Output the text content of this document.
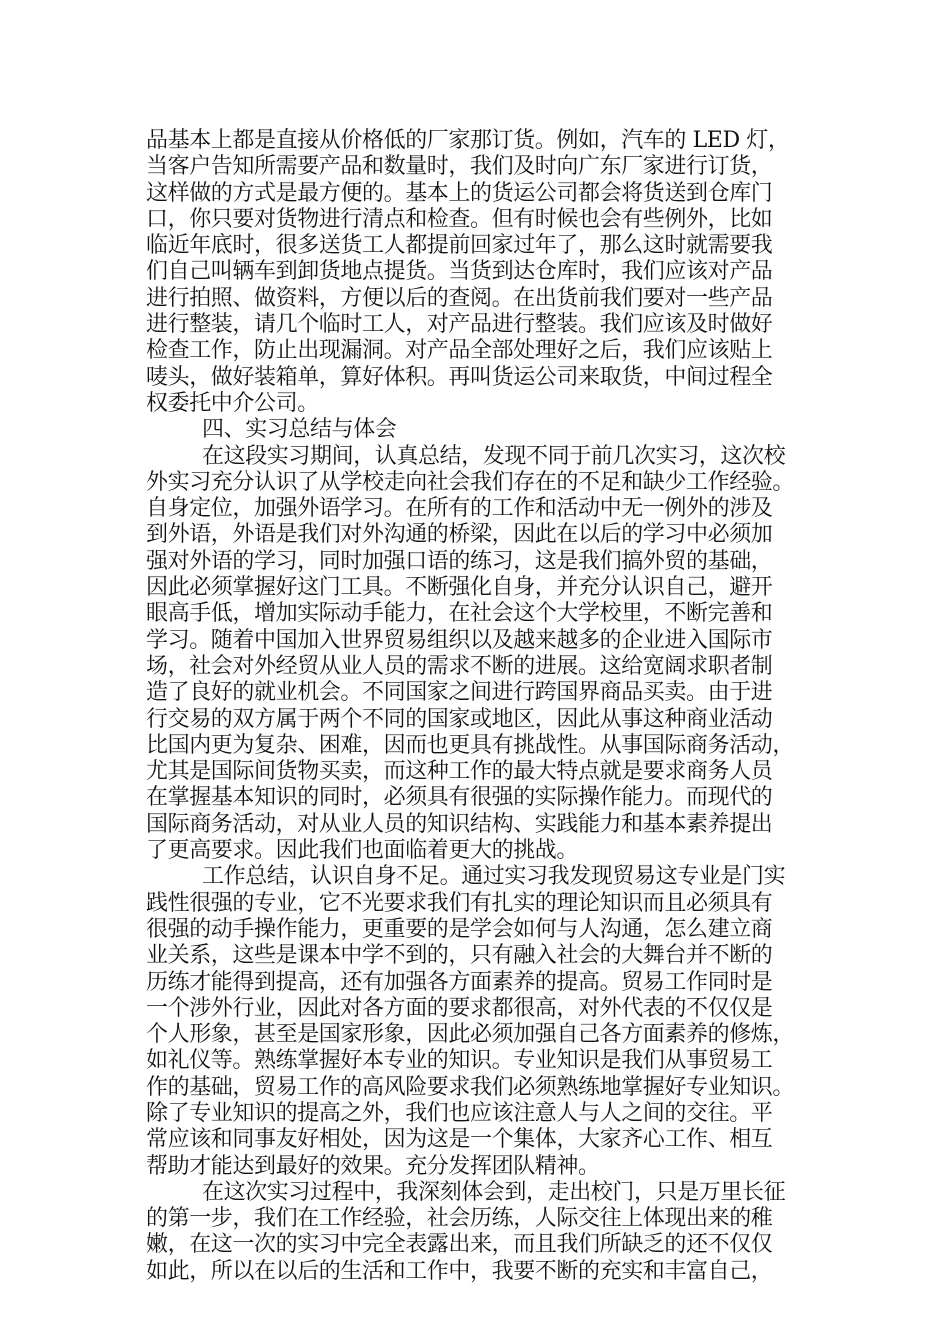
品基本上都是直接从价格低的厂家那订货。例如，汽车的 LED 灯，
当客户告知所需要产品和数量时，我们及时向广东厂家进行订货，
这样做的方式是最方便的。基本上的货运公司都会将货送到仓库门
口，你只要对货物进行清点和检查。但有时候也会有些例外，比如
临近年底时，很多送货工人都提前回家过年了，那么这时就需要我
们自己叫辆车到卸货地点提货。当货到达仓库时，我们应该对产品
进行拍照、做资料，方便以后的查阅。在出货前我们要对一些产品
进行整装，请几个临时工人，对产品进行整装。我们应该及时做好
检查工作，防止出现漏洞。对产品全部处理好之后，我们应该贴上
唛头，做好装箱单，算好体积。再叫货运公司来取货，中间过程全
权委托中介公司。
四、实习总结与体会
在这段实习期间，认真总结，发现不同于前几次实习，这次校
外实习充分认识了从学校走向社会我们存在的不足和缺少工作经验。
自身定位，加强外语学习。在所有的工作和活动中无一例外的涉及
到外语，外语是我们对外沟通的桥梁，因此在以后的学习中必须加
强对外语的学习，同时加强口语的练习，这是我们搞外贸的基础，
因此必须掌握好这门工具。不断强化自身，并充分认识自己，避开
眼高手低，增加实际动手能力，在社会这个大学校里，不断完善和
学习。随着中国加入世界贸易组织以及越来越多的企业进入国际市
场，社会对外经贸从业人员的需求不断的进展。这给宽阔求职者制
造了良好的就业机会。不同国家之间进行跨国界商品买卖。由于进
行交易的双方属于两个不同的国家或地区，因此从事这种商业活动
比国内更为复杂、困难，因而也更具有挑战性。从事国际商务活动，
尤其是国际间货物买卖，而这种工作的最大特点就是要求商务人员
在掌握基本知识的同时，必须具有很强的实际操作能力。而现代的
国际商务活动，对从业人员的知识结构、实践能力和基本素养提出
了更高要求。因此我们也面临着更大的挑战。
工作总结，认识自身不足。通过实习我发现贸易这专业是门实
践性很强的专业，它不光要求我们有扎实的理论知识而且必须具有
很强的动手操作能力，更重要的是学会如何与人沟通，怎么建立商
业关系，这些是课本中学不到的，只有融入社会的大舞台并不断的
历练才能得到提高，还有加强各方面素养的提高。贸易工作同时是
一个涉外行业，因此对各方面的要求都很高，对外代表的不仅仅是
个人形象，甚至是国家形象，因此必须加强自己各方面素养的修炼，
如礼仪等。熟练掌握好本专业的知识。专业知识是我们从事贸易工
作的基础，贸易工作的高风险要求我们必须熟练地掌握好专业知识。
除了专业知识的提高之外，我们也应该注意人与人之间的交往。平
常应该和同事友好相处，因为这是一个集体，大家齐心工作、相互
帮助才能达到最好的效果。充分发挥团队精神。
在这次实习过程中，我深刻体会到，走出校门，只是万里长征
的第一步，我们在工作经验，社会历练，人际交往上体现出来的稚
嫩，在这一次的实习中完全表露出来，而且我们所缺乏的还不仅仅
如此，所以在以后的生活和工作中，我要不断的充实和丰富自己，
